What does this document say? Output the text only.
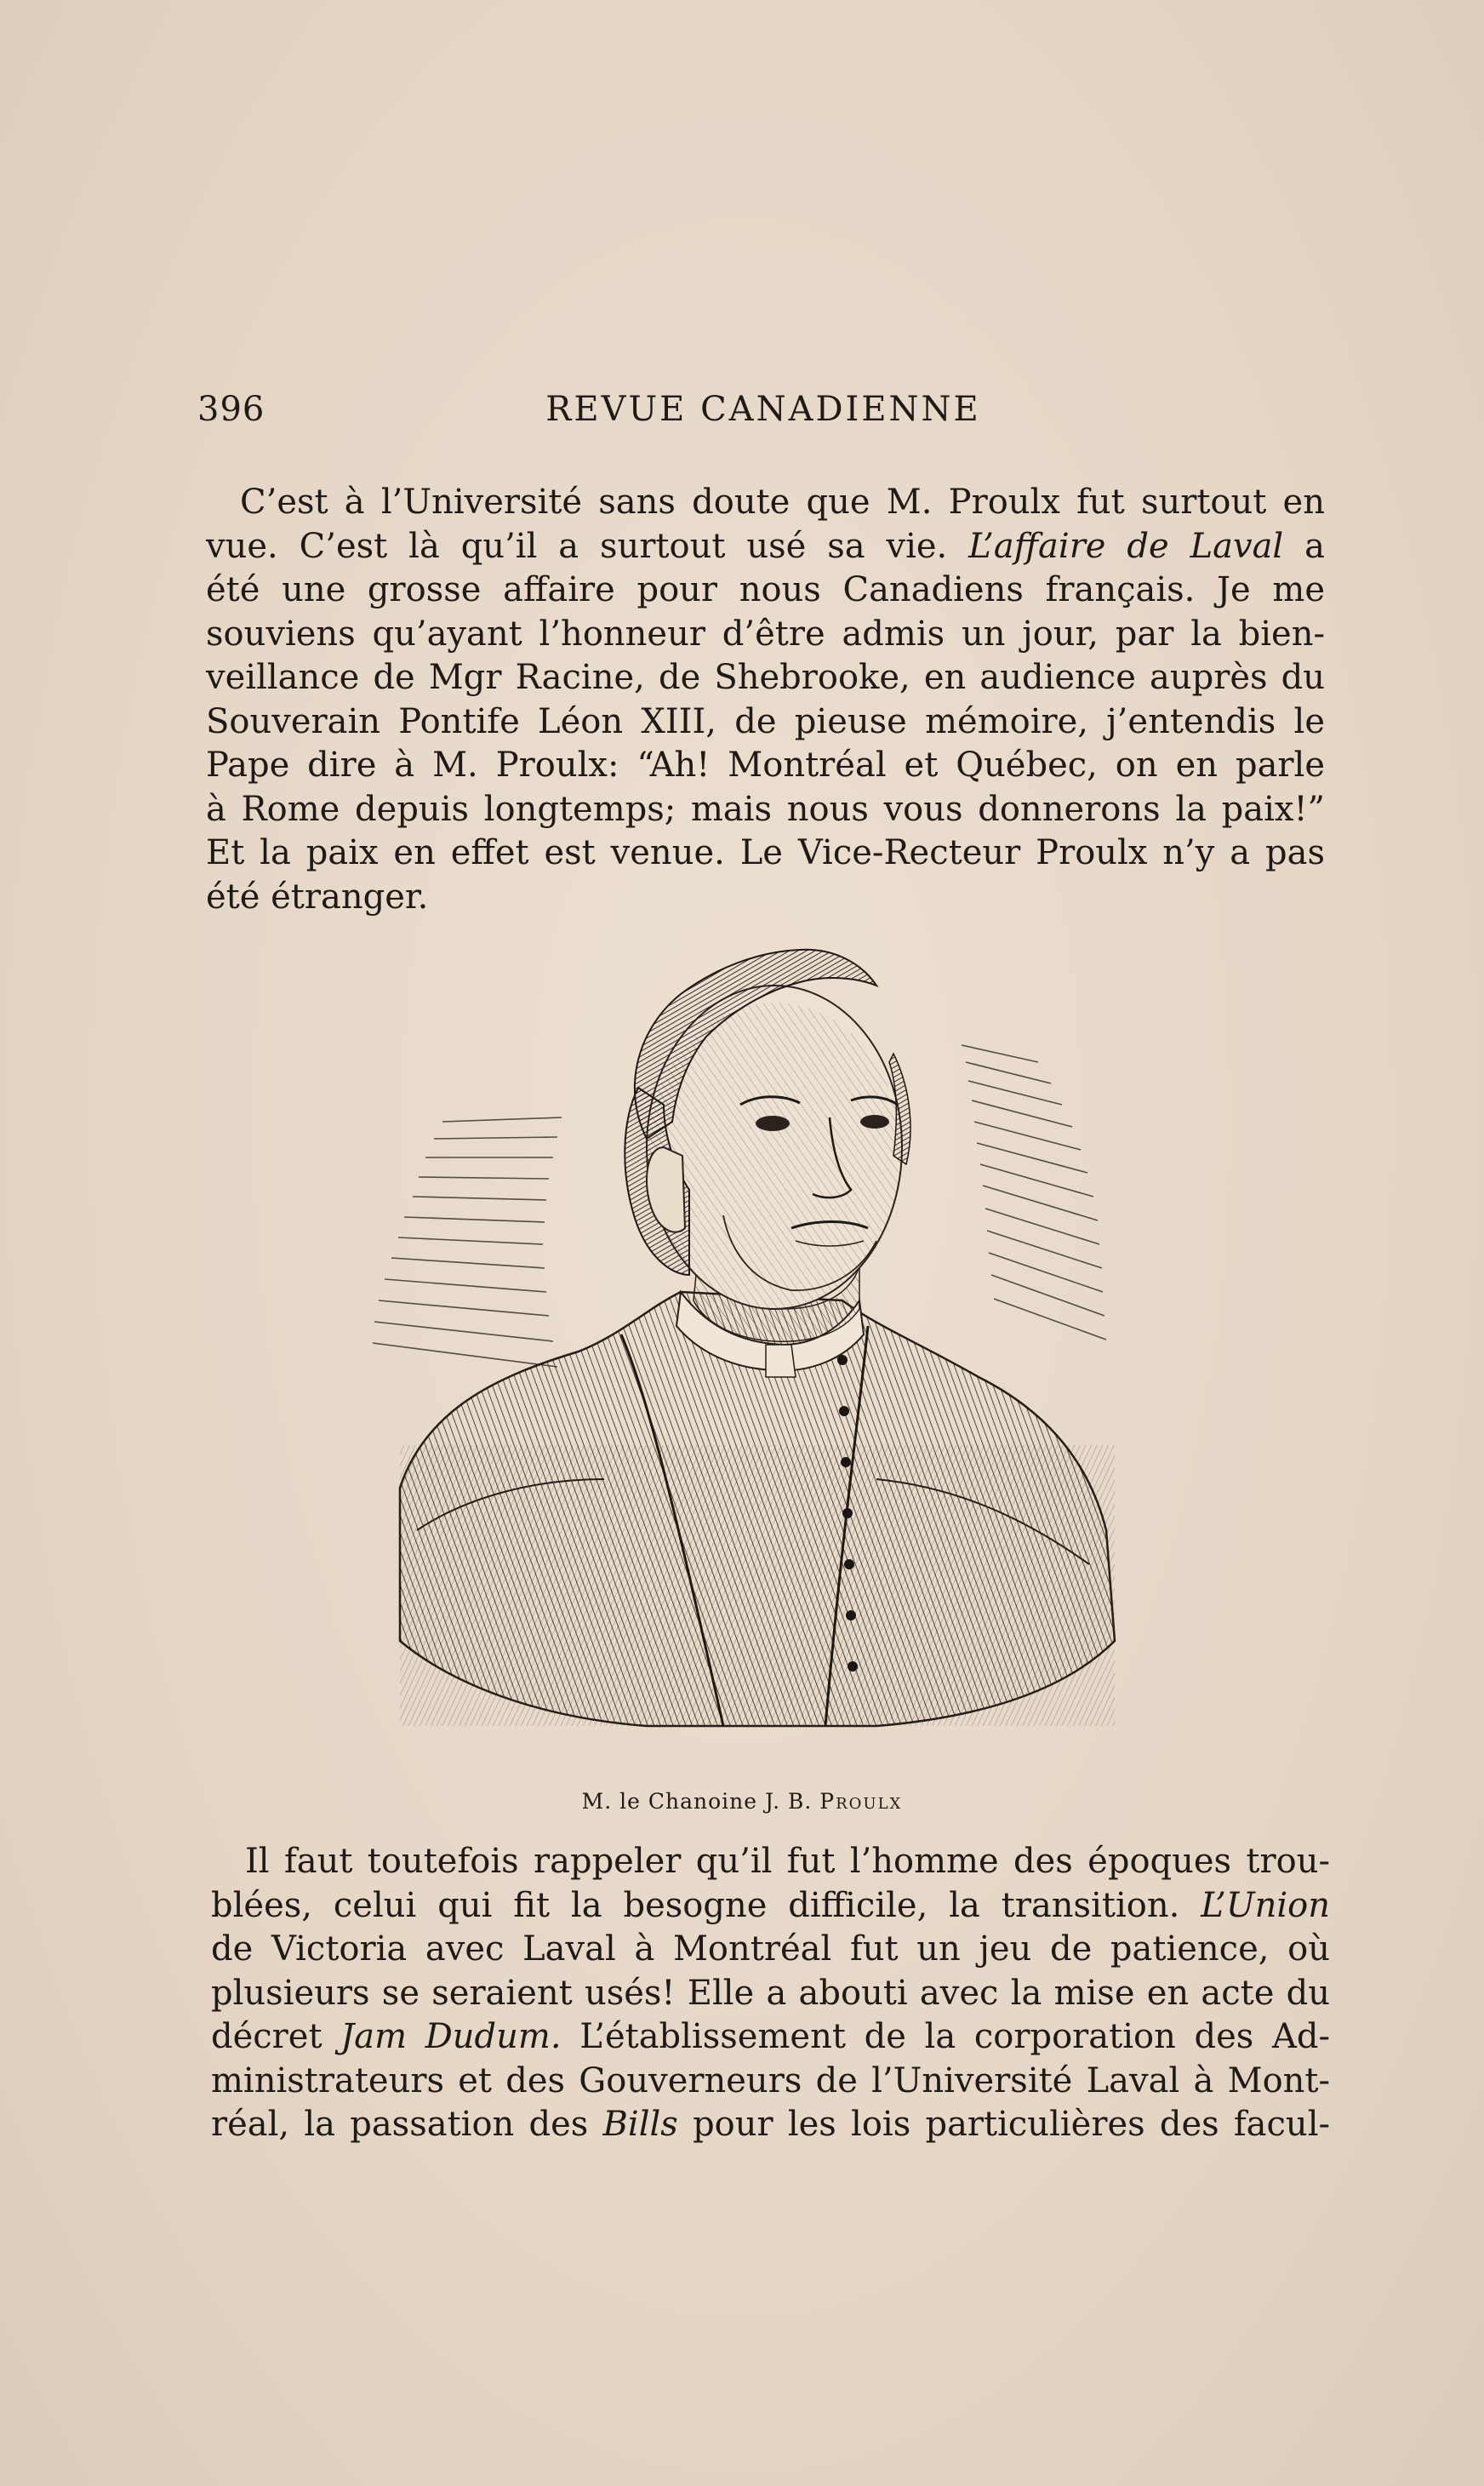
396	REVUE CANADIENNE
C’est à l’Université sans doute que M. Proulx fut surtout en
vue. C’est là qu’il a surtout usé sa vie. L’affaire de Laval a
été une grosse affaire pour nous Canadiens français. Je me
souviens qu’ayant l’honneur d’être admis un jour, par la bien-
veillance de Mgr Racine, de Shebrooke, en audience auprès du
Souverain Pontife Léon XIII, de pieuse mémoire, j’entendis le
Pape dire à M. Proulx: “Ah! Montréal et Québec, on en parle
à Rome depuis longtemps; mais nous vous donnerons la paix!”
Et la paix en effet est venue. Le Vice-Recteur Proulx n’y a pas
été étranger.
M. le Chanoine J. B. Proulx
Il faut toutefois rappeler qu’il fut l’homme des époques trou-
blées, celui qui fit la besogne difficile, la transition. L’Union
de Victoria avec Laval à Montréal fut un jeu de patience, où
plusieurs se seraient usés! Elle a abouti avec la mise en acte du
décret Jam Dudum. L’établissement de la corporation des Ad-
ministrateurs et des Gouverneurs de l’Université Laval à Mont-
réal, la passation des Bills pour les lois particulières des facul-
